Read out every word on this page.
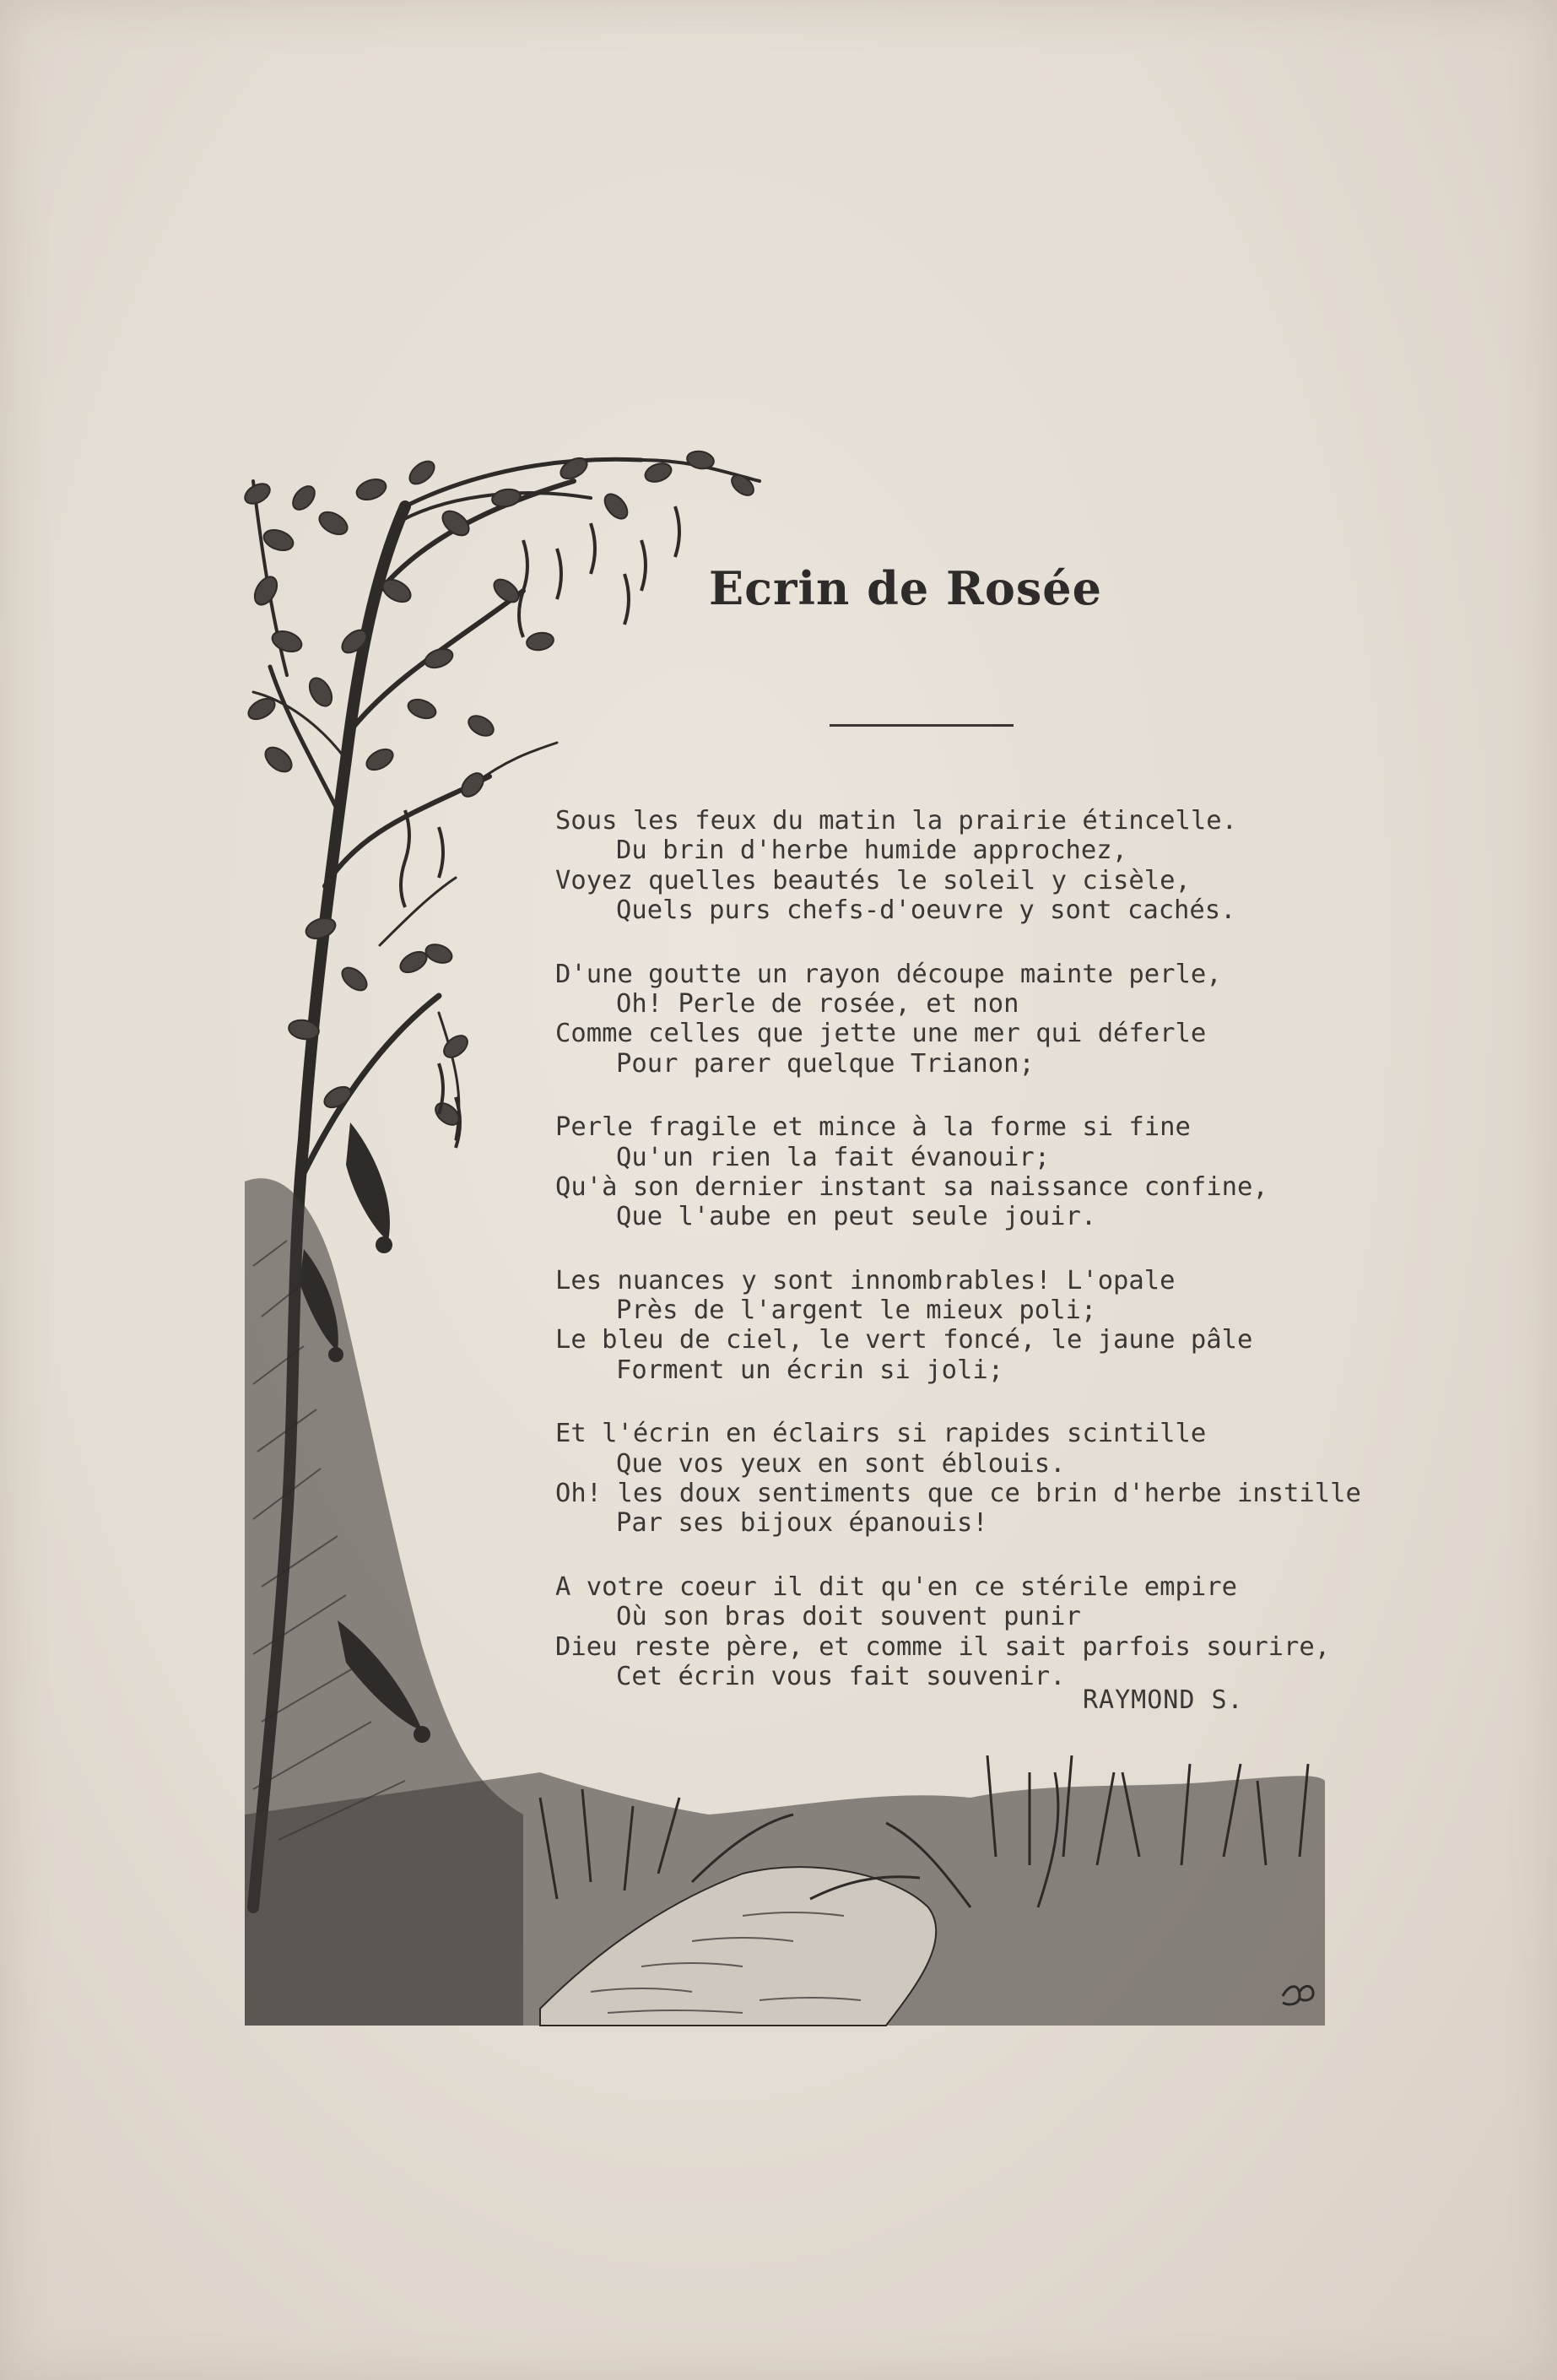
Ecrin de Rosée
Sous les feux du matin la prairie étincelle.
Du brin d'herbe humide approchez,
Voyez quelles beautés le soleil y cisèle,
Quels purs chefs-d'oeuvre y sont cachés.
D'une goutte un rayon découpe mainte perle,
Oh! Perle de rosée, et non
Comme celles que jette une mer qui déferle
Pour parer quelque Trianon;
Perle fragile et mince à la forme si fine
Qu'un rien la fait évanouir;
Qu'à son dernier instant sa naissance confine,
Que l'aube en peut seule jouir.
Les nuances y sont innombrables! L'opale
Près de l'argent le mieux poli;
Le bleu de ciel, le vert foncé, le jaune pâle
Forment un écrin si joli;
Et l'écrin en éclairs si rapides scintille
Que vos yeux en sont éblouis.
Oh! les doux sentiments que ce brin d'herbe instille
Par ses bijoux épanouis!
A votre coeur il dit qu'en ce stérile empire
Où son bras doit souvent punir
Dieu reste père, et comme il sait parfois sourire,
Cet écrin vous fait souvenir.
RAYMOND S.
